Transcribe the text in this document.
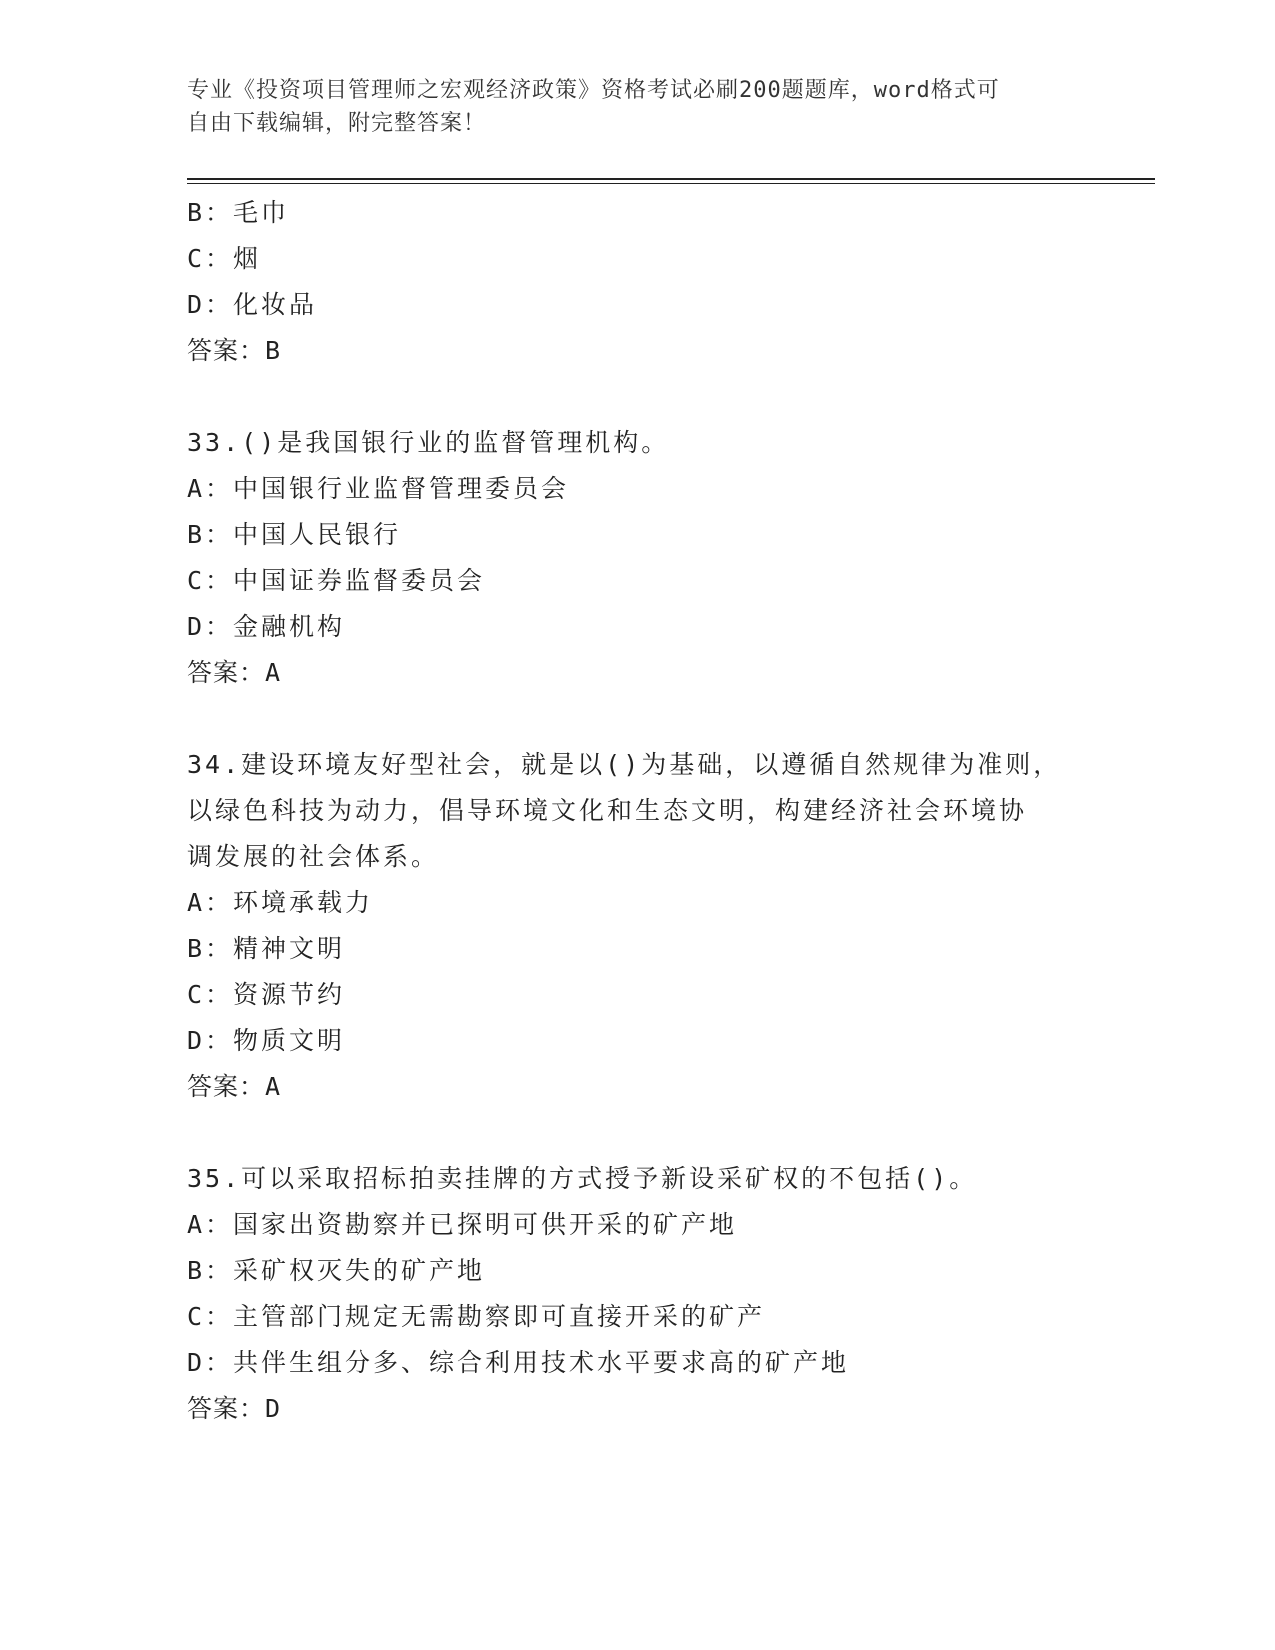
专业《投资项目管理师之宏观经济政策》资格考试必刷200题题库，word格式可
自由下载编辑，附完整答案！
B：毛巾
C：烟
D：化妆品
答案：B
33.()是我国银行业的监督管理机构。
A：中国银行业监督管理委员会
B：中国人民银行
C：中国证券监督委员会
D：金融机构
答案：A
34.建设环境友好型社会，就是以()为基础，以遵循自然规律为准则，
以绿色科技为动力，倡导环境文化和生态文明，构建经济社会环境协
调发展的社会体系。
A：环境承载力
B：精神文明
C：资源节约
D：物质文明
答案：A
35.可以采取招标拍卖挂牌的方式授予新设采矿权的不包括()。
A：国家出资勘察并已探明可供开采的矿产地
B：采矿权灭失的矿产地
C：主管部门规定无需勘察即可直接开采的矿产
D：共伴生组分多、综合利用技术水平要求高的矿产地
答案：D
